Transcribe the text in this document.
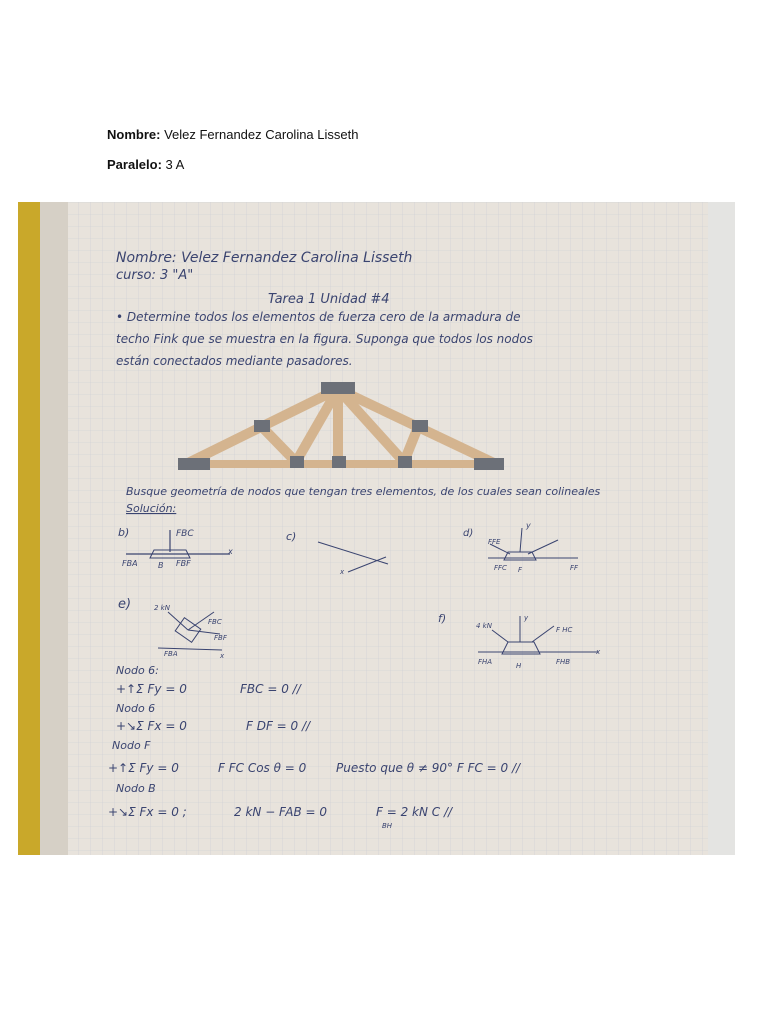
Nombre: Velez Fernandez Carolina Lisseth
Paralelo: 3 A
Nombre: Velez Fernandez Carolina Lisseth
curso: 3 "A"
Tarea 1 Unidad #4
• Determine todos los elementos de fuerza cero de la armadura de
techo Fink que se muestra en la figura. Suponga que todos los nodos
están conectados mediante pasadores.
Busque geometría de nodos que tengan tres elementos, de los cuales sean colineales
Solución:
b)	FBC
FBA	B FBF
x
c)
x
d)
y
FFE
FFC F	FF
e)	2 kN
FBC
FBF
FBA	x
f)	y
4 kN	F HC
FHA	H	FHB
x
Nodo 6:
+↑Σ Fy = 0	FBC = 0 //
Nodo 6
+↘Σ Fx = 0	F DF = 0 //
Nodo F
+↑Σ Fy = 0	F FC Cos θ = 0 Puesto que θ ≠ 90° F FC = 0 //
Nodo B
+↘Σ Fx = 0 ;	2 kN − FAB = 0	F = 2 kN C //
BH
